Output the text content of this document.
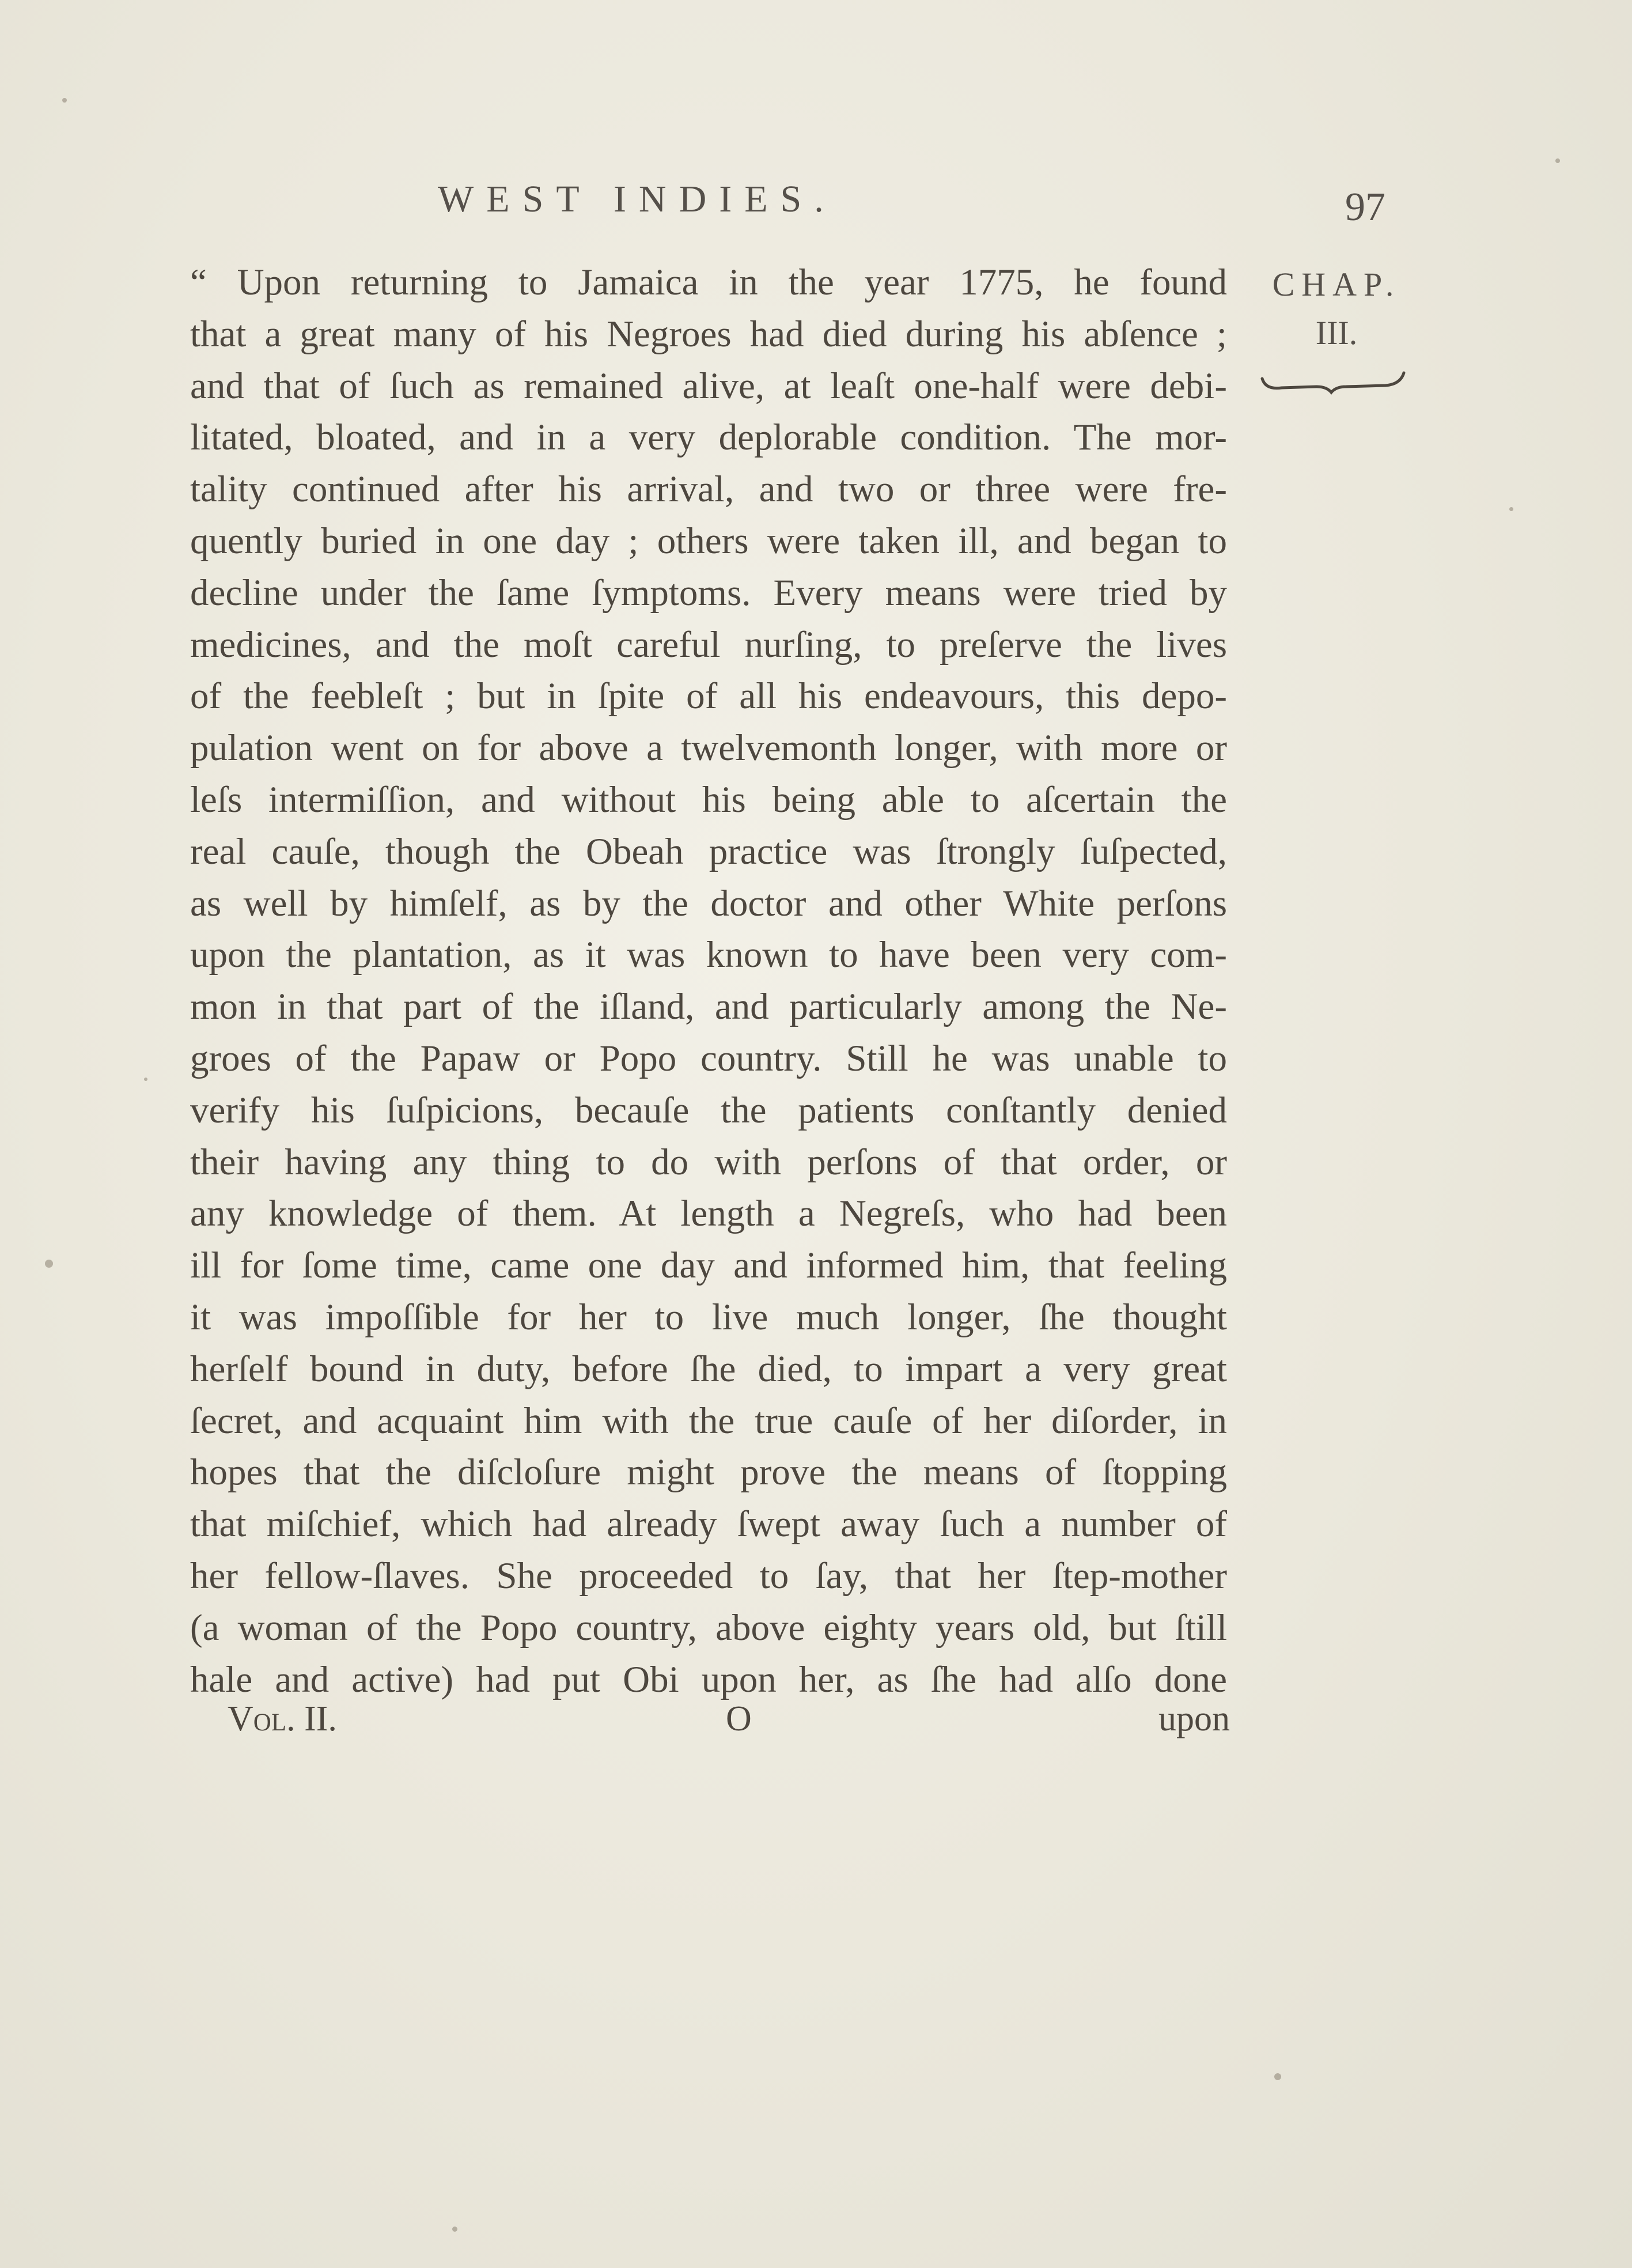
WEST INDIES.	97
CHAP.
III.
“ Upon returning to Jamaica in the year 1775, he found
that a great many of his Negroes had died during his abſence ;
and that of ſuch as remained alive, at leaſt one-half were debi-
litated, bloated, and in a very deplorable condition. The mor-
tality continued after his arrival, and two or three were fre-
quently buried in one day ; others were taken ill, and began to
decline under the ſame ſymptoms. Every means were tried by
medicines, and the moſt careful nurſing, to preſerve the lives
of the feebleſt ; but in ſpite of all his endeavours, this depo-
pulation went on for above a twelvemonth longer, with more or
leſs intermiſſion, and without his being able to aſcertain the
real cauſe, though the Obeah practice was ſtrongly ſuſpected,
as well by himſelf, as by the doctor and other White perſons
upon the plantation, as it was known to have been very com-
mon in that part of the iſland, and particularly among the Ne-
groes of the Papaw or Popo country. Still he was unable to
verify his ſuſpicions, becauſe the patients conſtantly denied
their having any thing to do with perſons of that order, or
any knowledge of them. At length a Negreſs, who had been
ill for ſome time, came one day and informed him, that feeling
it was impoſſible for her to live much longer, ſhe thought
herſelf bound in duty, before ſhe died, to impart a very great
ſecret, and acquaint him with the true cauſe of her diſorder, in
hopes that the diſcloſure might prove the means of ſtopping
that miſchief, which had already ſwept away ſuch a number of
her fellow-ſlaves. She proceeded to ſay, that her ſtep-mother
(a woman of the Popo country, above eighty years old, but ſtill
hale and active) had put Obi upon her, as ſhe had alſo done
Vol. II.	O	upon
